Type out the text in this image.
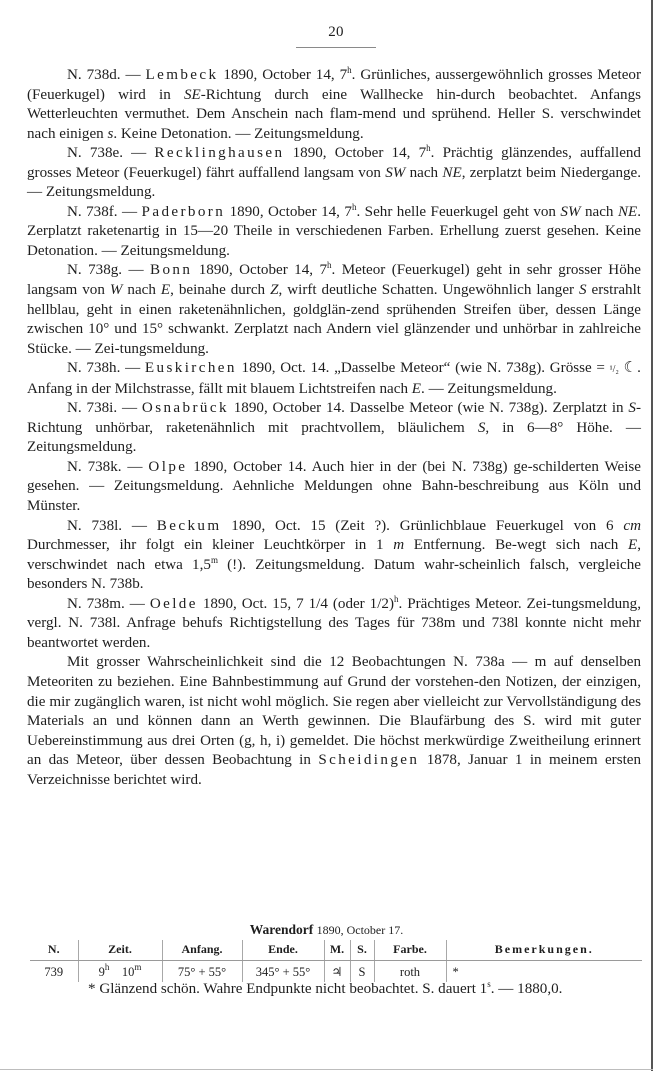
20

N. 738d. — Lembeck 1890, October 14, 7$^h$. Grünliches, aussergewöhnlich grosses Meteor (Feuerkugel) wird in SE-Richtung durch eine Wallhecke hin-durch beobachtet. Anfangs Wetterleuchten vermuthet. Dem Anschein nach flam-mend und sprühend. Heller S. verschwindet nach einigen s. Keine Detonation. — Zeitungsmeldung.

N. 738e. — Recklinghausen 1890, October 14, 7$^h$. Prächtig glänzendes, auffallend grosses Meteor (Feuerkugel) fährt auffallend langsam von SW nach NE, zerplatzt beim Niedergange. — Zeitungsmeldung.

N. 738f. — Paderborn 1890, October 14, 7$^h$. Sehr helle Feuerkugel geht von SW nach NE. Zerplatzt raketenartig in 15—20 Theile in verschiedenen Farben. Erhellung zuerst gesehen. Keine Detonation. — Zeitungsmeldung.

N. 738g. — Bonn 1890, October 14, 7$^h$. Meteor (Feuerkugel) geht in sehr grosser Höhe langsam von W nach E, beinahe durch Z, wirft deutliche Schatten. Ungewöhnlich langer S erstrahlt hellblau, geht in einen raketenähnlichen, goldglän-zend sprühenden Streifen über, dessen Länge zwischen 10° und 15° schwankt. Zerplatzt nach Andern viel glänzender und unhörbar in zahlreiche Stücke. — Zei-tungsmeldung.

N. 738h. — Euskirchen 1890, Oct. 14. „Dasselbe Meteor“ (wie N. 738g). Grösse = ¹/₂ ☾. Anfang in der Milchstrasse, fällt mit blauem Lichtstreifen nach E. — Zeitungsmeldung.

N. 738i. — Osnabrück 1890, October 14. Dasselbe Meteor (wie N. 738g). Zerplatzt in S-Richtung unhörbar, raketenähnlich mit prachtvollem, bläulichem S, in 6—8° Höhe. — Zeitungsmeldung.

N. 738k. — Olpe 1890, October 14. Auch hier in der (bei N. 738g) ge-schilderten Weise gesehen. — Zeitungsmeldung. Aehnliche Meldungen ohne Bahn-beschreibung aus Köln und Münster.

N. 738l. — Beckum 1890, Oct. 15 (Zeit ?). Grünlichblaue Feuerkugel von 6 cm Durchmesser, ihr folgt ein kleiner Leuchtkörper in 1 m Entfernung. Be-wegt sich nach E, verschwindet nach etwa 1,5$^m$ (!). Zeitungsmeldung. Datum wahr-scheinlich falsch, vergleiche besonders N. 738b.

N. 738m. — Oelde 1890, Oct. 15, 7 1/4 (oder 1/2)$^h$. Prächtiges Meteor. Zei-tungsmeldung, vergl. N. 738l. Anfrage behufs Richtigstellung des Tages für 738m und 738l konnte nicht mehr beantwortet werden.

Mit grosser Wahrscheinlichkeit sind die 12 Beobachtungen N. 738a — m auf denselben Meteoriten zu beziehen. Eine Bahnbestimmung auf Grund der vorstehen-den Notizen, der einzigen, die mir zugänglich waren, ist nicht wohl möglich. Sie regen aber vielleicht zur Vervollständigung des Materials an und können dann an Werth gewinnen. Die Blaufärbung des S. wird mit guter Uebereinstimmung aus drei Orten (g, h, i) gemeldet. Die höchst merkwürdige Zweitheilung erinnert an das Meteor, über dessen Beobachtung in Scheidingen 1878, Januar 1 in meinem ersten Verzeichnisse berichtet wird.

Warendorf 1890, October 17.
N.	Zeit.	Anfang.	Ende.	M.	S.	Farbe.	Bemerkungen.
739	9$^h$ 10$^m$	75° + 55°	345° + 55°	♃	S	roth	*
* Glänzend schön. Wahre Endpunkte nicht beobachtet. S. dauert 1$^s$. — 1880,0.
